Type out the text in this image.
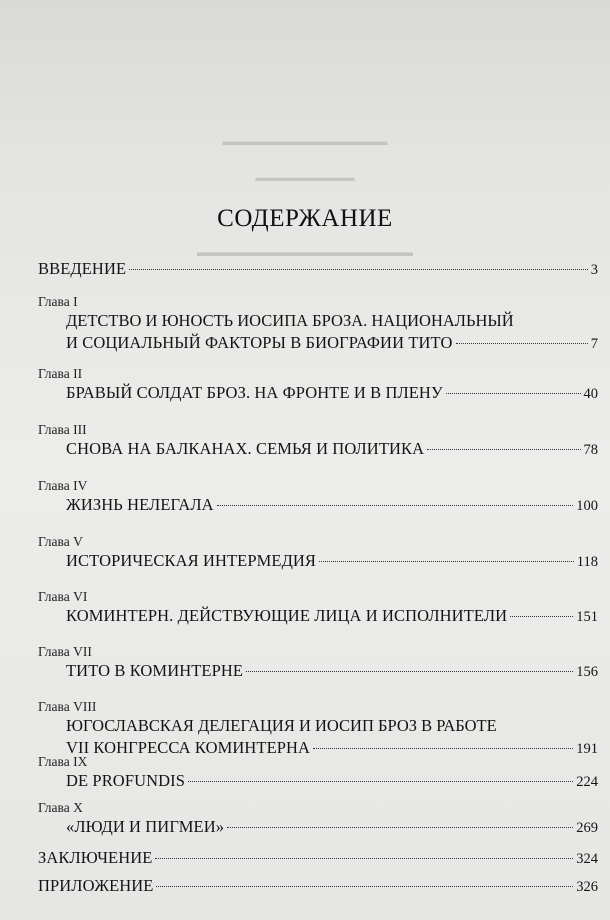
▬▬▬▬▬▬▬▬▬▬▬▬▬▬▬
▬▬▬▬▬▬▬▬▬
▬▬▬▬▬▬▬▬▬▬▬▬▬▬▬▬▬▬
СОДЕРЖАНИЕ
ВВЕДЕНИЕ	3
Глава I
ДЕТСТВО И ЮНОСТЬ ИОСИПА БРОЗА. НАЦИОНАЛЬНЫЙ
И СОЦИАЛЬНЫЙ ФАКТОРЫ В БИОГРАФИИ ТИТО	7
Глава II
БРАВЫЙ СОЛДАТ БРОЗ. НА ФРОНТЕ И В ПЛЕНУ	40
Глава III
СНОВА НА БАЛКАНАХ. СЕМЬЯ И ПОЛИТИКА	78
Глава IV
ЖИЗНЬ НЕЛЕГАЛА	100
Глава V
ИСТОРИЧЕСКАЯ ИНТЕРМЕДИЯ	118
Глава VI
КОМИНТЕРН. ДЕЙСТВУЮЩИЕ ЛИЦА И ИСПОЛНИТЕЛИ	151
Глава VII
ТИТО В КОМИНТЕРНЕ	156
Глава VIII
ЮГОСЛАВСКАЯ ДЕЛЕГАЦИЯ И ИОСИП БРОЗ В РАБОТЕ
VII КОНГРЕССА КОМИНТЕРНА	191
Глава IX
DE PROFUNDIS	224
Глава X
«ЛЮДИ И ПИГМЕИ»	269
ЗАКЛЮЧЕНИЕ	324
ПРИЛОЖЕНИЕ	326
